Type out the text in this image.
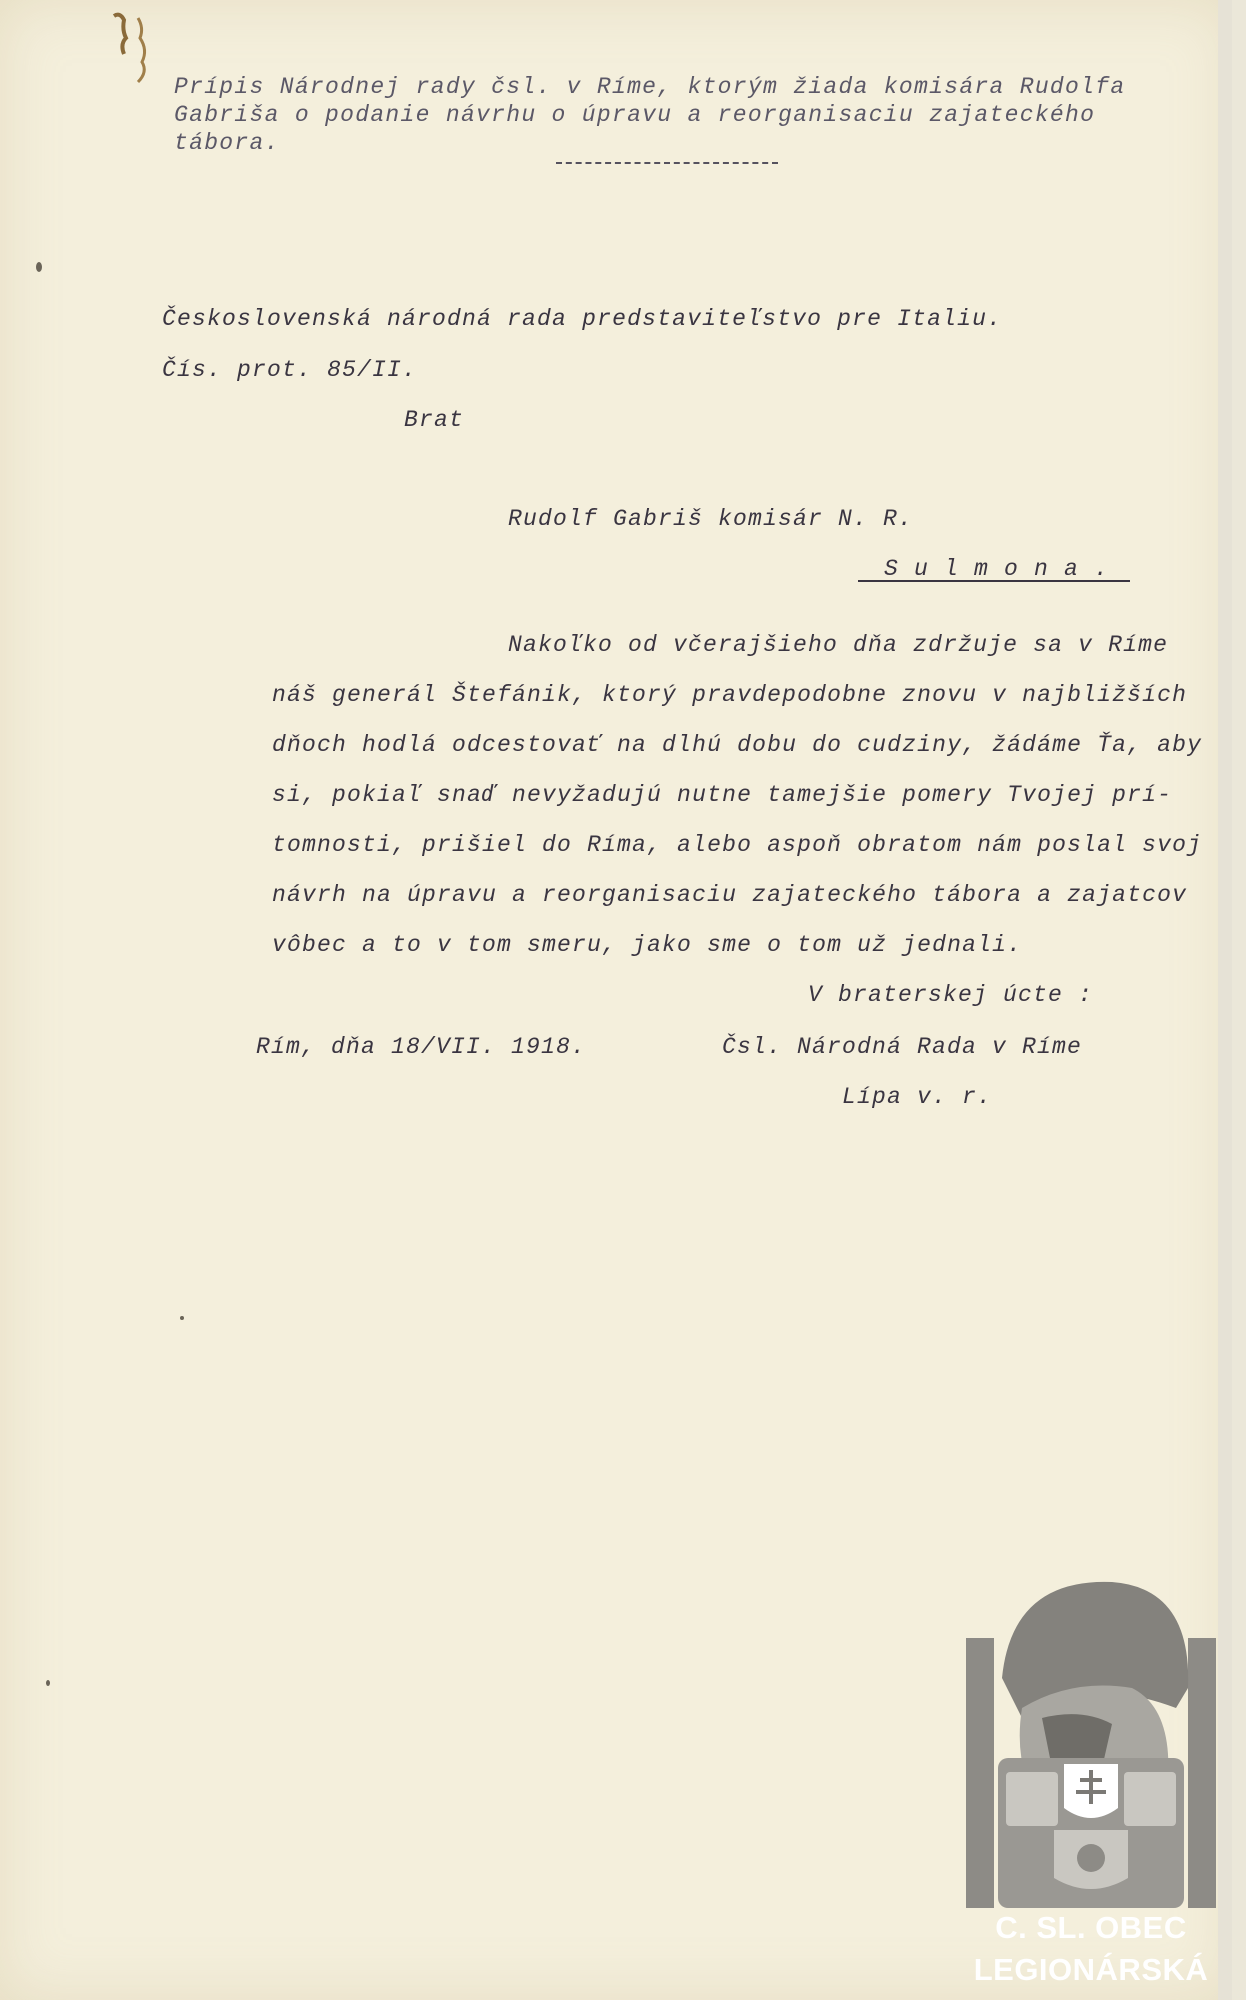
Prípis Národnej rady čsl. v Ríme, ktorým žiada komisára Rudolfa
Gabriša o podanie návrhu o úpravu a reorganisaciu zajateckého
tábora.
Československá národná rada predstaviteľstvo pre Italiu.
Čís. prot. 85/II.
Brat
Rudolf Gabriš komisár N. R.
S u l m o n a .
Nakoľko od včerajšieho dňa zdržuje sa v Ríme
náš generál Štefánik, ktorý pravdepodobne znovu v najbližších
dňoch hodlá odcestovať na dlhú dobu do cudziny, žádáme Ťa, aby
si, pokiaľ snaď nevyžadujú nutne tamejšie pomery Tvojej prí-
tomnosti, prišiel do Ríma, alebo aspoň obratom nám poslal svoj
návrh na úpravu a reorganisaciu zajateckého tábora a zajatcov
vôbec a to v tom smeru, jako sme o tom už jednali.
V braterskej úcte :
Rím, dňa 18/VII. 1918.	Čsl. Národná Rada v Ríme
Lípa v. r.
C. SL. OBEC
LEGIONÁRSKÁ
